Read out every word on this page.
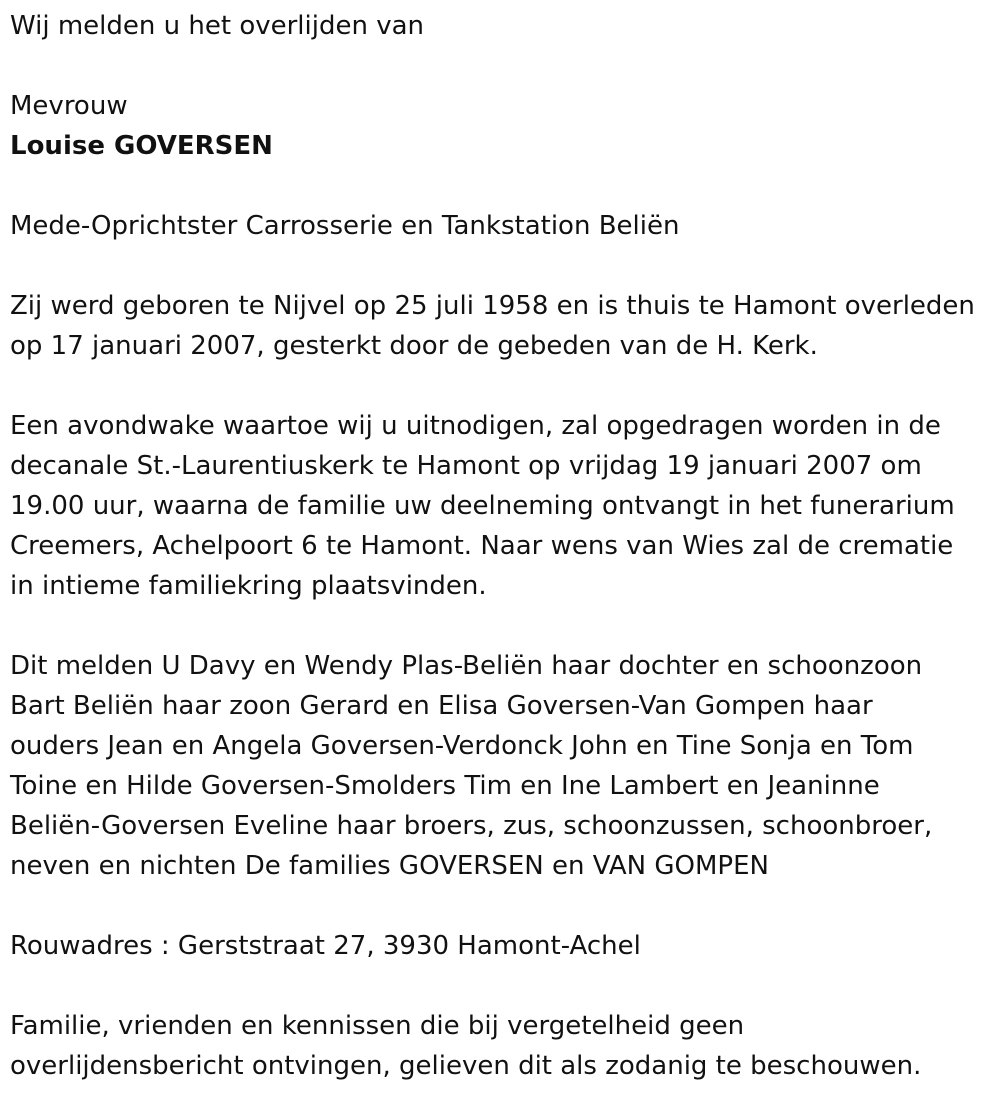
Wij melden u het overlijden van
Mevrouw
Louise GOVERSEN
Mede-Oprichtster Carrosserie en Tankstation Beliën
Zij werd geboren te Nijvel op 25 juli 1958 en is thuis te Hamont overleden
op 17 januari 2007, gesterkt door de gebeden van de H. Kerk.
Een avondwake waartoe wij u uitnodigen, zal opgedragen worden in de
decanale St.-Laurentiuskerk te Hamont op vrijdag 19 januari 2007 om
19.00 uur, waarna de familie uw deelneming ontvangt in het funerarium
Creemers, Achelpoort 6 te Hamont. Naar wens van Wies zal de crematie
in intieme familiekring plaatsvinden.
Dit melden U Davy en Wendy Plas-Beliën haar dochter en schoonzoon
Bart Beliën haar zoon Gerard en Elisa Goversen-Van Gompen haar
ouders Jean en Angela Goversen-Verdonck John en Tine Sonja en Tom
Toine en Hilde Goversen-Smolders Tim en Ine Lambert en Jeaninne
Beliën-Goversen Eveline haar broers, zus, schoonzussen, schoonbroer,
neven en nichten De families GOVERSEN en VAN GOMPEN
Rouwadres : Gerststraat 27, 3930 Hamont-Achel
Familie, vrienden en kennissen die bij vergetelheid geen
overlijdensbericht ontvingen, gelieven dit als zodanig te beschouwen.
